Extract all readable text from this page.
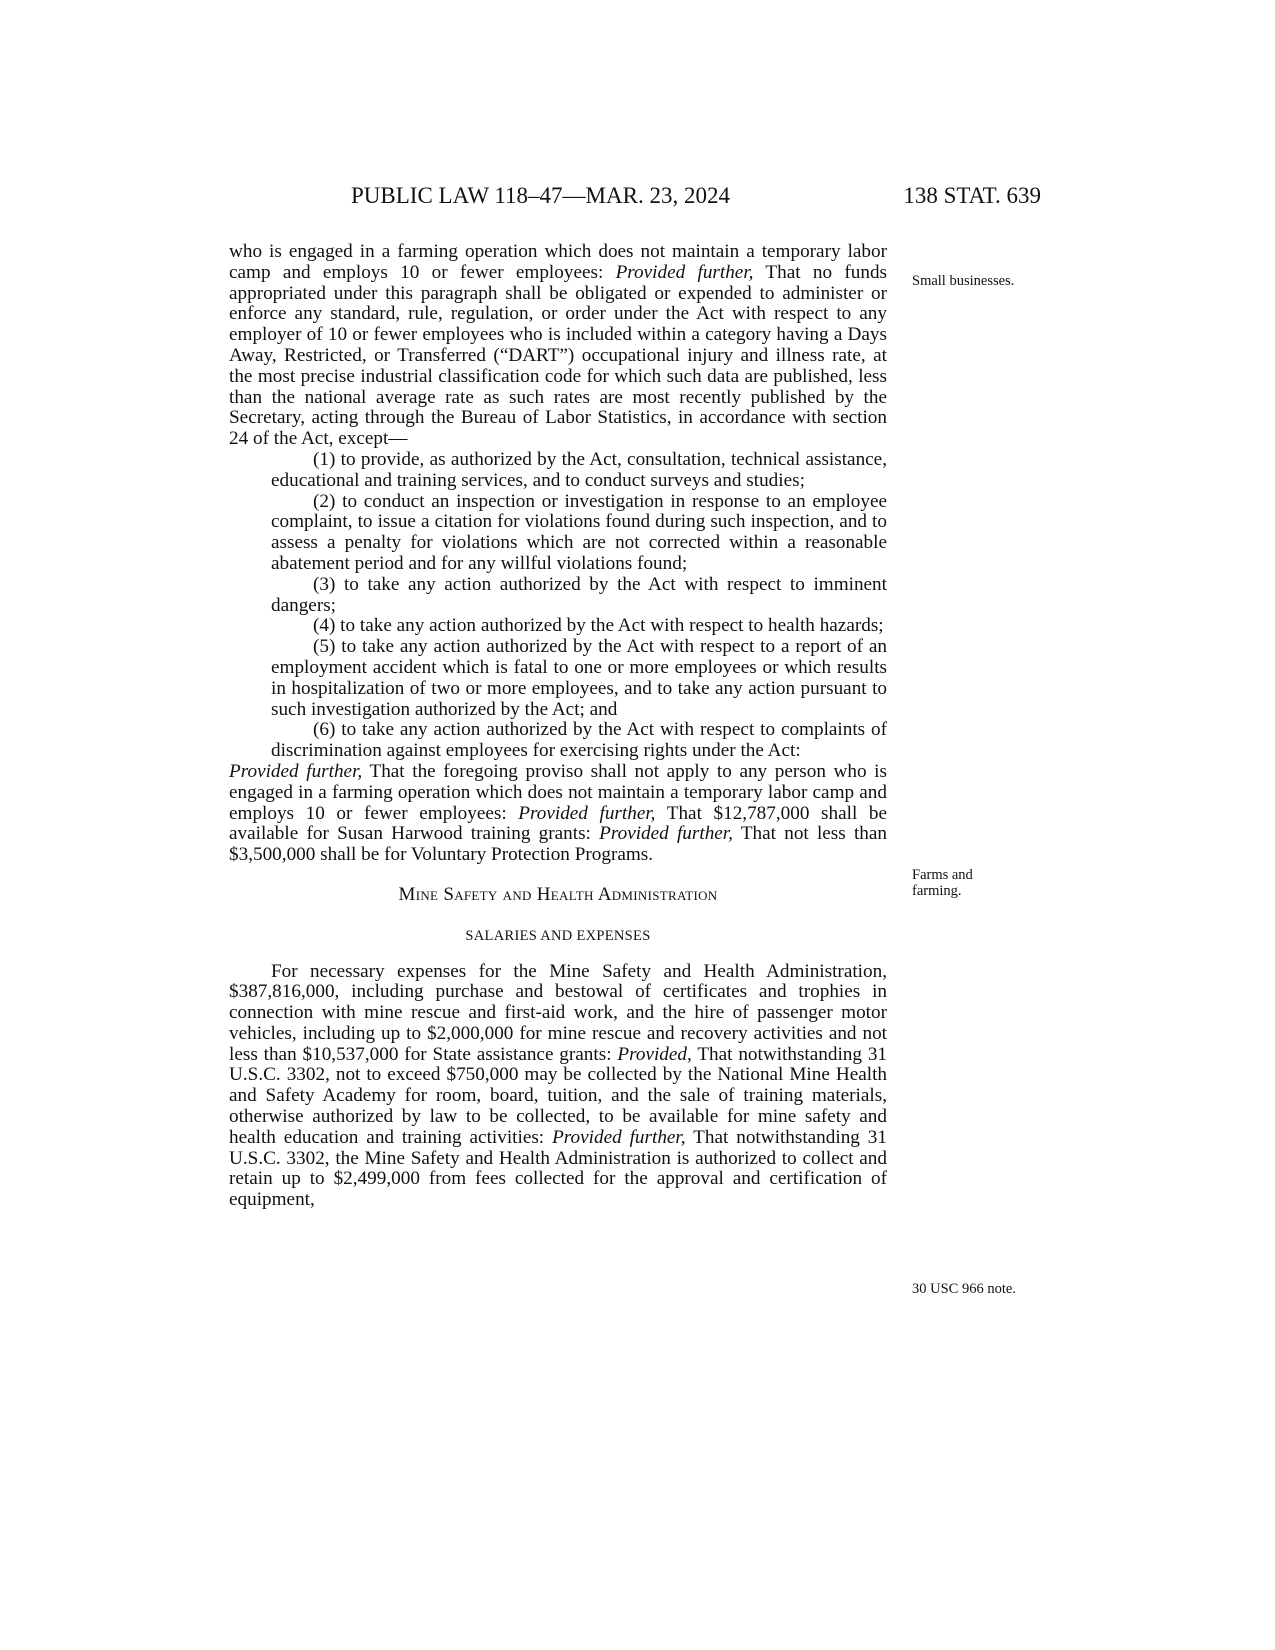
PUBLIC LAW 118–47—MAR. 23, 2024	138 STAT. 639
Small businesses.
Farms and
farming.
30 USC 966 note.

who is engaged in a farming operation which does not maintain a temporary labor camp and employs 10 or fewer employees: Provided further, That no funds appropriated under this paragraph shall be obligated or expended to administer or enforce any standard, rule, regulation, or order under the Act with respect to any employer of 10 or fewer employees who is included within a category having a Days Away, Restricted, or Transferred (“DART”) occupational injury and illness rate, at the most precise industrial classification code for which such data are published, less than the national average rate as such rates are most recently published by the Secretary, acting through the Bureau of Labor Statistics, in accordance with section 24 of the Act, except—

(1) to provide, as authorized by the Act, consultation, technical assistance, educational and training services, and to conduct surveys and studies;

(2) to conduct an inspection or investigation in response to an employee complaint, to issue a citation for violations found during such inspection, and to assess a penalty for violations which are not corrected within a reasonable abatement period and for any willful violations found;

(3) to take any action authorized by the Act with respect to imminent dangers;

(4) to take any action authorized by the Act with respect to health hazards;

(5) to take any action authorized by the Act with respect to a report of an employment accident which is fatal to one or more employees or which results in hospitalization of two or more employees, and to take any action pursuant to such investigation authorized by the Act; and

(6) to take any action authorized by the Act with respect to complaints of discrimination against employees for exercising rights under the Act:

Provided further, That the foregoing proviso shall not apply to any person who is engaged in a farming operation which does not maintain a temporary labor camp and employs 10 or fewer employees: Provided further, That $12,787,000 shall be available for Susan Harwood training grants: Provided further, That not less than $3,500,000 shall be for Voluntary Protection Programs.

Mine Safety and Health Administration
SALARIES AND EXPENSES

For necessary expenses for the Mine Safety and Health Administration, $387,816,000, including purchase and bestowal of certificates and trophies in connection with mine rescue and first-aid work, and the hire of passenger motor vehicles, including up to $2,000,000 for mine rescue and recovery activities and not less than $10,537,000 for State assistance grants: Provided, That notwithstanding 31 U.S.C. 3302, not to exceed $750,000 may be collected by the National Mine Health and Safety Academy for room, board, tuition, and the sale of training materials, otherwise authorized by law to be collected, to be available for mine safety and health education and training activities: Provided further, That notwithstanding 31 U.S.C. 3302, the Mine Safety and Health Administration is authorized to collect and retain up to $2,499,000 from fees collected for the approval and certification of equipment,
